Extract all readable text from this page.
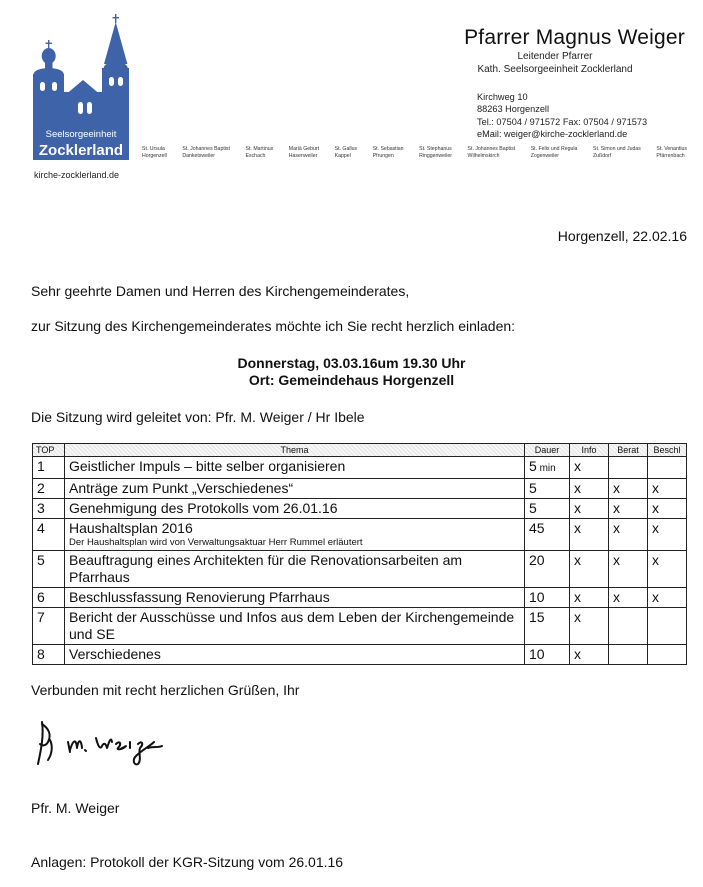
Seelsorgeeinheit
Zocklerland
kirche-zocklerland.de
St. Ursula
Horgenzell
St. Johannes Baptist
Danketsweiler
St. Martinus
Eschach
Mariä Geburt
Hasenweiler
St. Gallus
Kappel
St. Sebastian
Pfrungen
St. Stephanus
Ringgenweiler
St. Johannes Baptist
Wilhelmskirch
St. Felix und Regula
Zogenweiler
St. Simon und Judas
Zußdorf
St. Venantius
Pfärrenbach
Pfarrer Magnus Weiger
Leitender Pfarrer
Kath. Seelsorgeeinheit Zocklerland
Kirchweg 10
88263 Horgenzell
Tel.: 07504 / 971572 Fax: 07504 / 971573
eMail: weiger@kirche-zocklerland.de
Horgenzell, 22.02.16
Sehr geehrte Damen und Herren des Kirchengemeinderates,
zur Sitzung des Kirchengemeinderates möchte ich Sie recht herzlich einladen:
Donnerstag, 03.03.16um 19.30 Uhr
Ort: Gemeindehaus Horgenzell
Die Sitzung wird geleitet von: Pfr. M. Weiger / Hr Ibele
TOP	Thema	Dauer	Info	Berat	Beschl
1	Geistlicher Impuls – bitte selber organisieren	5 min	x		
2	Anträge zum Punkt „Verschiedenes“	5	x	x	x
3	Genehmigung des Protokolls vom 26.01.16	5	x	x	x
4	Haushaltsplan 2016
Der Haushaltsplan wird von Verwaltungsaktuar Herr Rummel erläutert	45	x	x	x
5	Beauftragung eines Architekten für die Renovationsarbeiten am Pfarrhaus	20	x	x	x
6	Beschlussfassung Renovierung Pfarrhaus	10	x	x	x
7	Bericht der Ausschüsse und Infos aus dem Leben der Kirchengemeinde und SE	15	x		
8	Verschiedenes	10	x		
Verbunden mit recht herzlichen Grüßen, Ihr
Pfr. M. Weiger
Anlagen: Protokoll der KGR-Sitzung vom 26.01.16
